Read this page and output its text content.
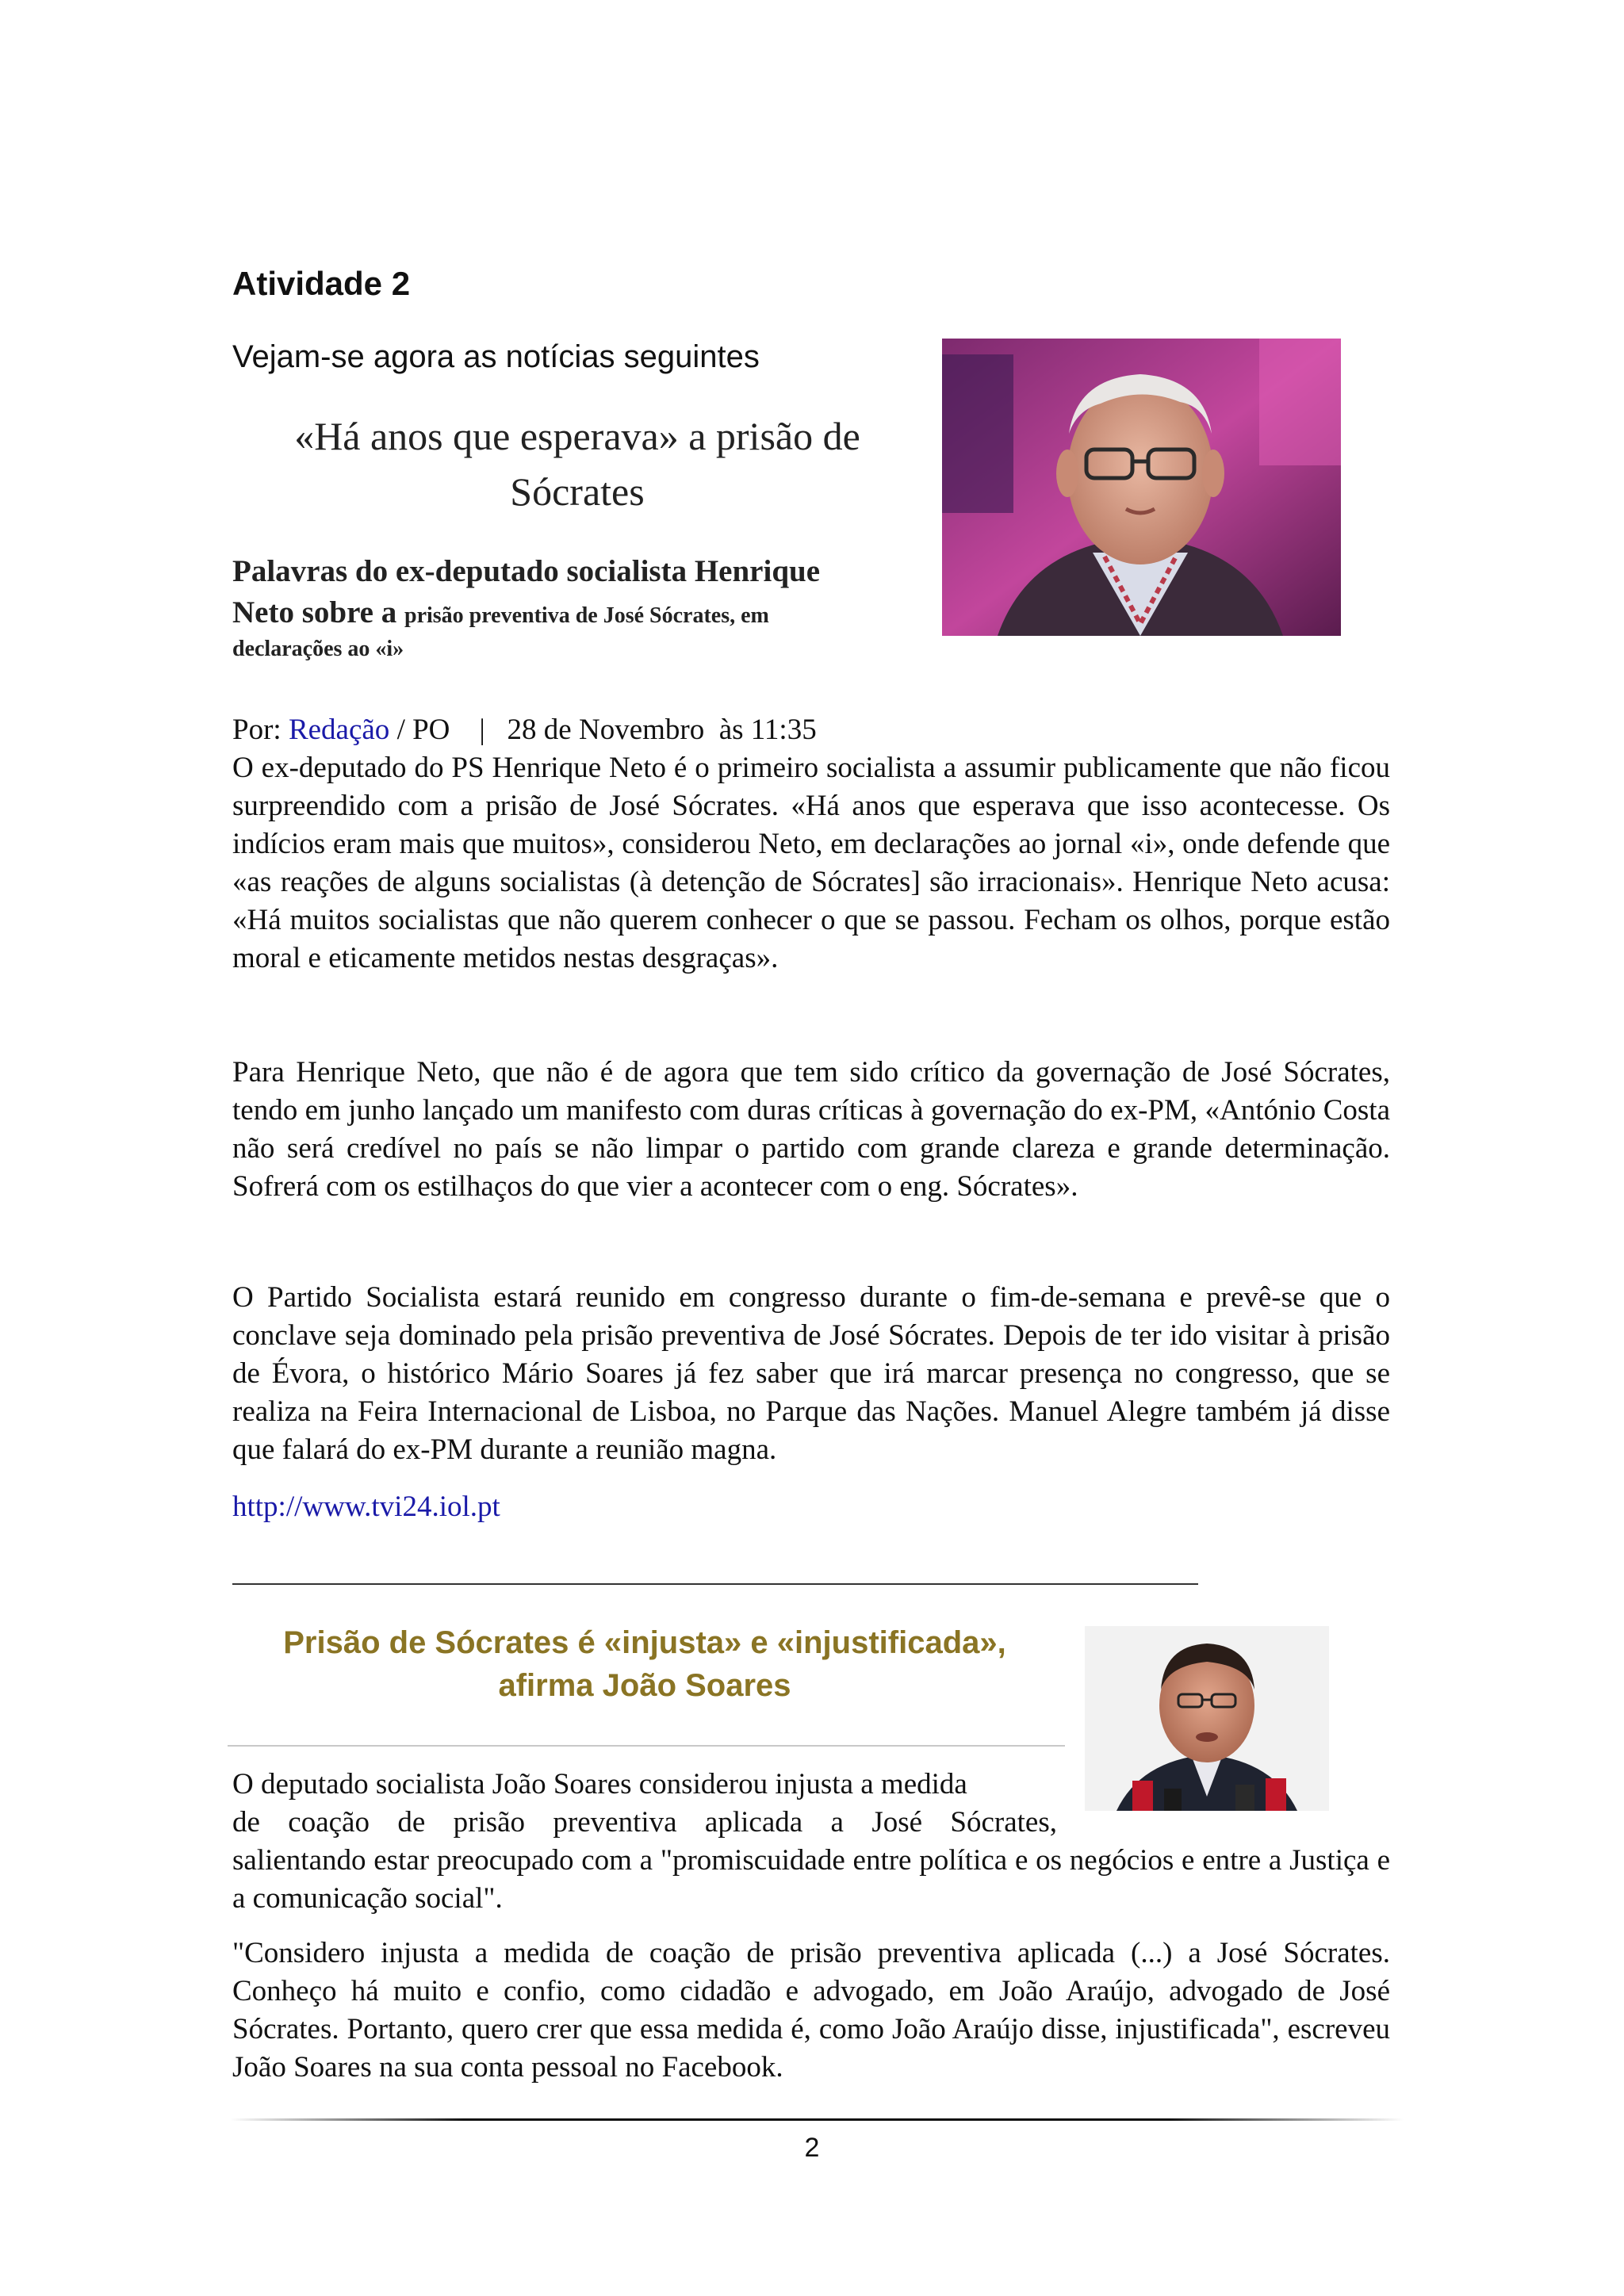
Atividade 2
Vejam-se agora as notícias seguintes
«Há anos que esperava» a prisão de
Sócrates
Palavras do ex-deputado socialista Henrique
Neto sobre a prisão preventiva de José Sócrates, em
declarações ao «i»
Por: Redação / PO    |   28 de Novembro  às 11:35
O ex-deputado do PS Henrique Neto é o primeiro socialista a assumir publicamente que não ficou surpreendido com a prisão de José Sócrates. «Há anos que esperava que isso acontecesse. Os indícios eram mais que muitos», considerou Neto, em declarações ao jornal «i», onde defende que «as reações de alguns socialistas (à detenção de Sócrates] são irracionais». Henrique Neto acusa: «Há muitos socialistas que não querem conhecer o que se passou. Fecham os olhos, porque estão moral e eticamente metidos nestas desgraças».
Para Henrique Neto, que não é de agora que tem sido crítico da governação de José Sócrates, tendo em junho lançado um manifesto com duras críticas à governação do ex-PM, «António Costa não será credível no país se não limpar o partido com grande clareza e grande determinação. Sofrerá com os estilhaços do que vier a acontecer com o eng. Sócrates».
O Partido Socialista estará reunido em congresso durante o fim-de-semana e prevê-se que o conclave seja dominado pela prisão preventiva de José Sócrates. Depois de ter ido visitar à prisão de Évora, o histórico Mário Soares já fez saber que irá marcar presença no congresso, que se realiza na Feira Internacional de Lisboa, no Parque das Nações. Manuel Alegre também já disse que falará do ex-PM durante a reunião magna.
http://www.tvi24.iol.pt
Prisão de Sócrates é «injusta» e «injustificada»,
afirma João Soares
O deputado socialista João Soares considerou injusta a medida
de coação de prisão preventiva aplicada a José Sócrates,
salientando estar preocupado com a "promiscuidade entre política e os negócios e entre a Justiça e a comunicação social".
"Considero injusta a medida de coação de prisão preventiva aplicada (...) a José Sócrates. Conheço há muito e confio, como cidadão e advogado, em João Araújo, advogado de José Sócrates. Portanto, quero crer que essa medida é, como João Araújo disse, injustificada", escreveu João Soares na sua conta pessoal no Facebook.
2
